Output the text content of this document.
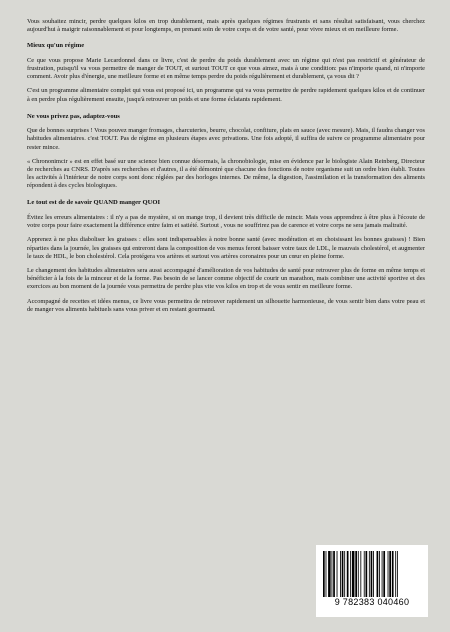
Vous souhaitez mincir, perdre quelques kilos en trop durablement, mais après quelques régimes frustrants et sans résultat satisfaisant, vous cherchez aujourd'hui à maigrir raisonnablement et pour longtemps, en prenant soin de votre corps et de votre santé, pour vivre mieux et en meilleure forme.

Mieux qu'un régime

Ce que vous propose Marie Lecardonnel dans ce livre, c'est de perdre du poids durablement avec un régime qui n'est pas restrictif et générateur de frustration, puisqu'il va vous permettre de manger de TOUT, et surtout TOUT ce que vous aimez, mais à une condition: pas n'importe quand, ni n'importe comment. Avoir plus d'énergie, une meilleure forme et en même temps perdre du poids régulièrement et durablement, ça vous dit ?

C'est un programme alimentaire complet qui vous est proposé ici, un programme qui va vous permettre de perdre rapidement quelques kilos et de continuer à en perdre plus régulièrement ensuite, jusqu'à retrouver un poids et une forme éclatants rapidement.

Ne vous privez pas, adaptez-vous

Que de bonnes surprises ! Vous pouvez manger fromages, charcuteries, beurre, chocolat, confiture, plats en sauce (avec mesure). Mais, il faudra changer vos habitudes alimentaires. c'est TOUT. Pas de régime en plusieurs étapes avec privations. Une fois adopté, il suffira de suivre ce programme alimentaire pour rester mince.

« Chrononimcir » est en effet basé sur une science bien connue désormais, la chronobiologie, mise en évidence par le biologiste Alain Reinberg, Directeur de recherches au CNRS. D'après ses recherches et d'autres, il a été démontré que chacune des fonctions de notre organisme suit un ordre bien établi. Toutes les activités à l'intérieur de notre corps sont donc réglées par des horloges internes. De même, la digestion, l'assimilation et la transformation des aliments répondent à des cycles biologiques.

Le tout est de de savoir QUAND manger QUOI

Évitez les erreurs alimentaires : il n'y a pas de mystère, si on mange trop, il devient très difficile de mincir. Mais vous apprendrez à être plus à l'écoute de votre corps pour faire exactement la différence entre faim et satiété. Surtout , vous ne souffrirez pas de carence et votre corps ne sera jamais maltraité.

Apprenez à ne plus diaboliser les graisses : elles sont indispensables à notre bonne santé (avec modération et en choisissant les bonnes graisses) ! Bien réparties dans la journée, les graisses qui entreront dans la composition de vos menus feront baisser votre taux de LDL, le mauvais cholestérol, et augmenter le taux de HDL, le bon cholestérol. Cela protégera vos artères et surtout vos artères coronaires pour un cœur en pleine forme.

Le changement des habitudes alimentaires sera aussi accompagné d'amélioration de vos habitudes de santé pour retrouver plus de forme en même temps et bénéficier à la fois de la minceur et de la forme. Pas besoin de se lancer comme objectif de courir un marathon, mais combiner une activité sportive et des exercices au bon moment de la journée vous permettra de perdre plus vite vos kilos en trop et de vous sentir en meilleure forme.

Accompagné de recettes et idées menus, ce livre vous permettra de retrouver rapidement un silhouette harmonieuse, de vous sentir bien dans votre peau et de manger vos aliments habituels sans vous priver et en restant gourmand.

9 782383 040460
